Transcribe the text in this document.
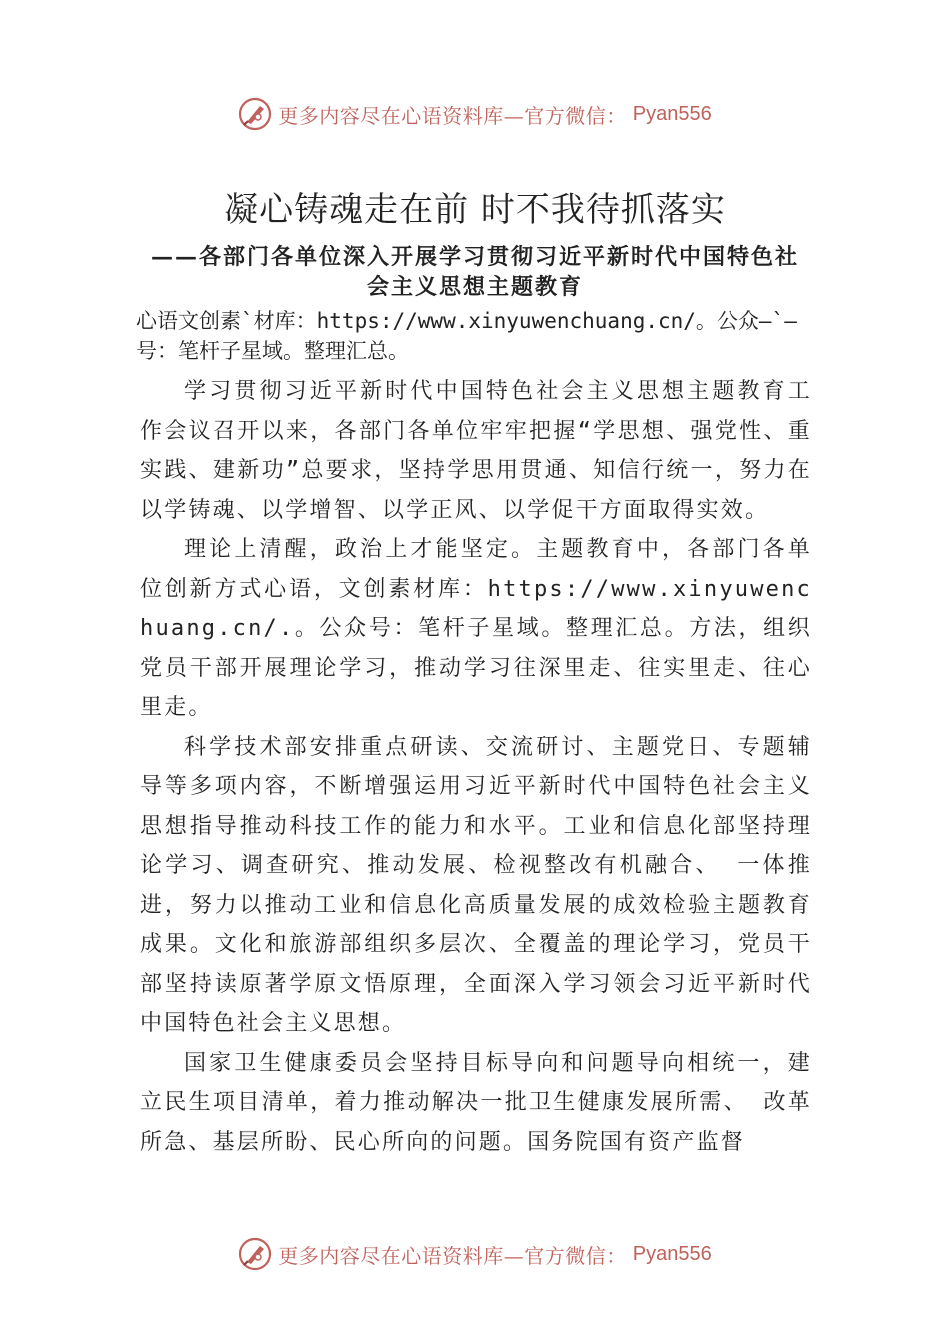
更多内容尽在心语资料库—官方微信： Pyan556
凝心铸魂走在前 时不我待抓落实
——各部门各单位深入开展学习贯彻习近平新时代中国特色社会主义思想主题教育

心语文创素`材库：https://www.xinyuwenchuang.cn/。公众—`—号：笔杆子星域。整理汇总。

学习贯彻习近平新时代中国特色社会主义思想主题教育工作会议召开以来，各部门各单位牢牢把握“学思想、强党性、重实践、建新功”总要求，坚持学思用贯通、知信行统一，努力在以学铸魂、以学增智、以学正风、以学促干方面取得实效。

理论上清醒，政治上才能坚定。主题教育中，各部门各单位创新方式心语，文创素材库：https://www.xinyuwenchuang.cn/.。公众号：笔杆子星域。整理汇总。方法，组织党员干部开展理论学习，推动学习往深里走、往实里走、往心里走。

科学技术部安排重点研读、交流研讨、主题党日、专题辅导等多项内容，不断增强运用习近平新时代中国特色社会主义思想指导推动科技工作的能力和水平。工业和信息化部坚持理论学习、调查研究、推动发展、检视整改有机融合、 一体推进，努力以推动工业和信息化高质量发展的成效检验主题教育成果。文化和旅游部组织多层次、全覆盖的理论学习，党员干部坚持读原著学原文悟原理，全面深入学习领会习近平新时代中国特色社会主义思想。

国家卫生健康委员会坚持目标导向和问题导向相统一，建立民生项目清单，着力推动解决一批卫生健康发展所需、 改革所急、基层所盼、民心所向的问题。国务院国有资产监督

更多内容尽在心语资料库—官方微信： Pyan556
